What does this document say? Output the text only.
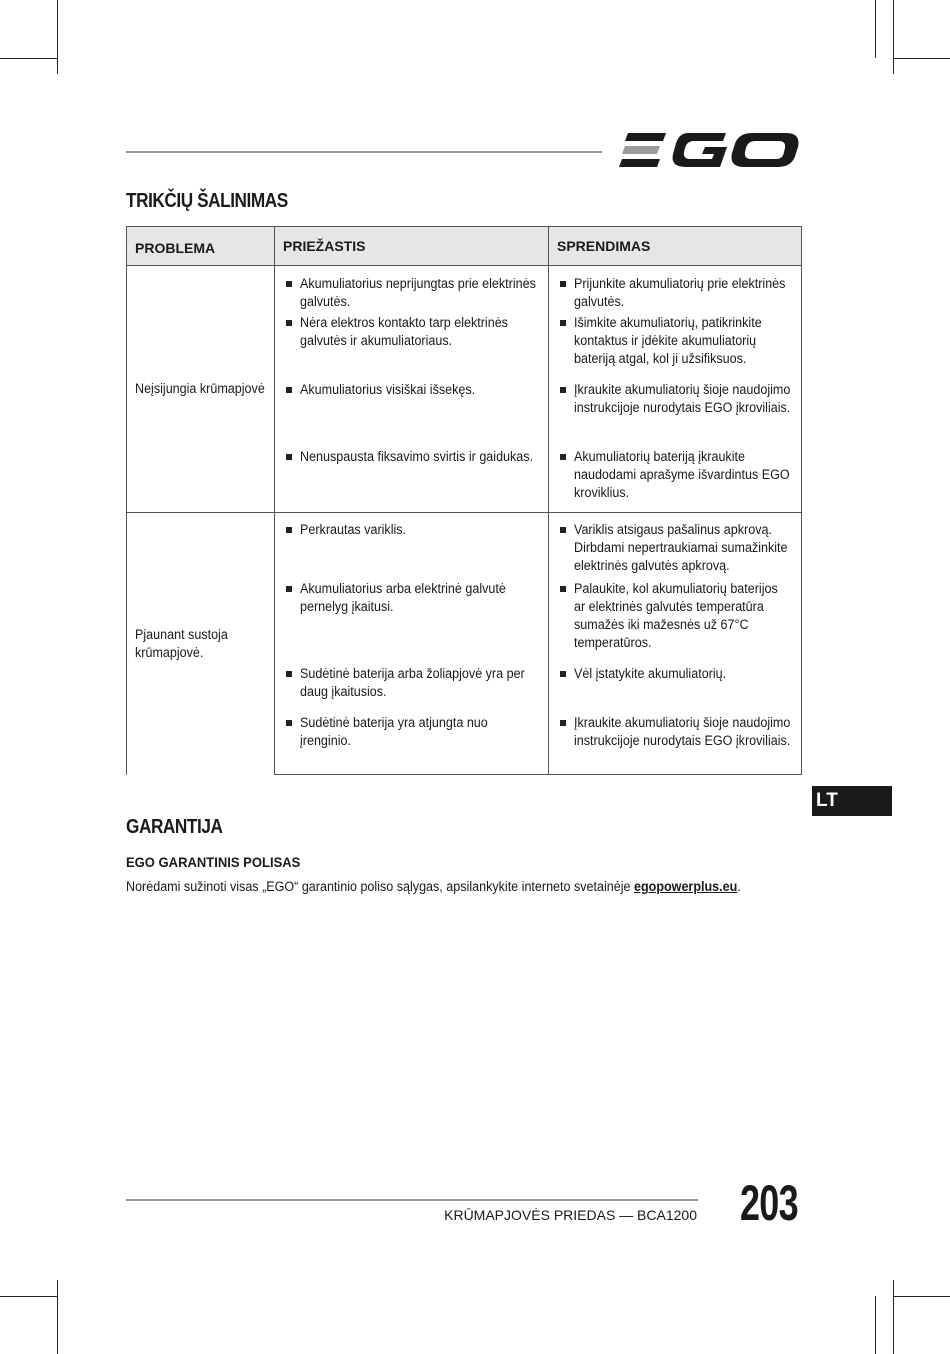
TRIKČIŲ ŠALINIMAS
PROBLEMA	PRIEŽASTIS	SPRENDIMAS
Neįsijungia krūmapjovė	Akumuliatorius neprijungtas prie elektrinės galvutės.	Prijunkite akumuliatorių prie elektrinės galvutės.

	Nėra elektros kontakto tarp elektrinės galvutės ir akumuliatoriaus.	Išimkite akumuliatorių, patikrinkite kontaktus ir įdėkite akumuliatorių bateriją atgal, kol ji užsifiksuos.

	Akumuliatorius visiškai išsekęs.	Įkraukite akumuliatorių šioje naudojimo instrukcijoje nurodytais EGO įkroviliais.

	Nenuspausta fiksavimo svirtis ir gaidukas.	Akumuliatorių bateriją įkraukite naudodami aprašyme išvardintus EGO kroviklius.

Pjaunant sustoja krūmapjovė.	Perkrautas variklis.	Variklis atsigaus pašalinus apkrovą. Dirbdami nepertraukiamai sumažinkite elektrinės galvutės apkrovą.

	Akumuliatorius arba elektrinė galvutė pernelyg įkaitusi.	Palaukite, kol akumuliatorių baterijos ar elektrinės galvutės temperatūra sumažės iki mažesnės už 67°C temperatūros.

	Sudėtinė baterija arba žoliapjovė yra per daug įkaitusios.	Vėl įstatykite akumuliatorių.

	Sudėtinė baterija yra atjungta nuo įrenginio.	Įkraukite akumuliatorių šioje naudojimo instrukcijoje nurodytais EGO įkroviliais.
LT
GARANTIJA
EGO GARANTINIS POLISAS
Norėdami sužinoti visas „EGO“ garantinio poliso sąlygas, apsilankykite interneto svetainėje egopowerplus.eu.
KRŪMAPJOVĖS PRIEDAS — BCA1200 203
